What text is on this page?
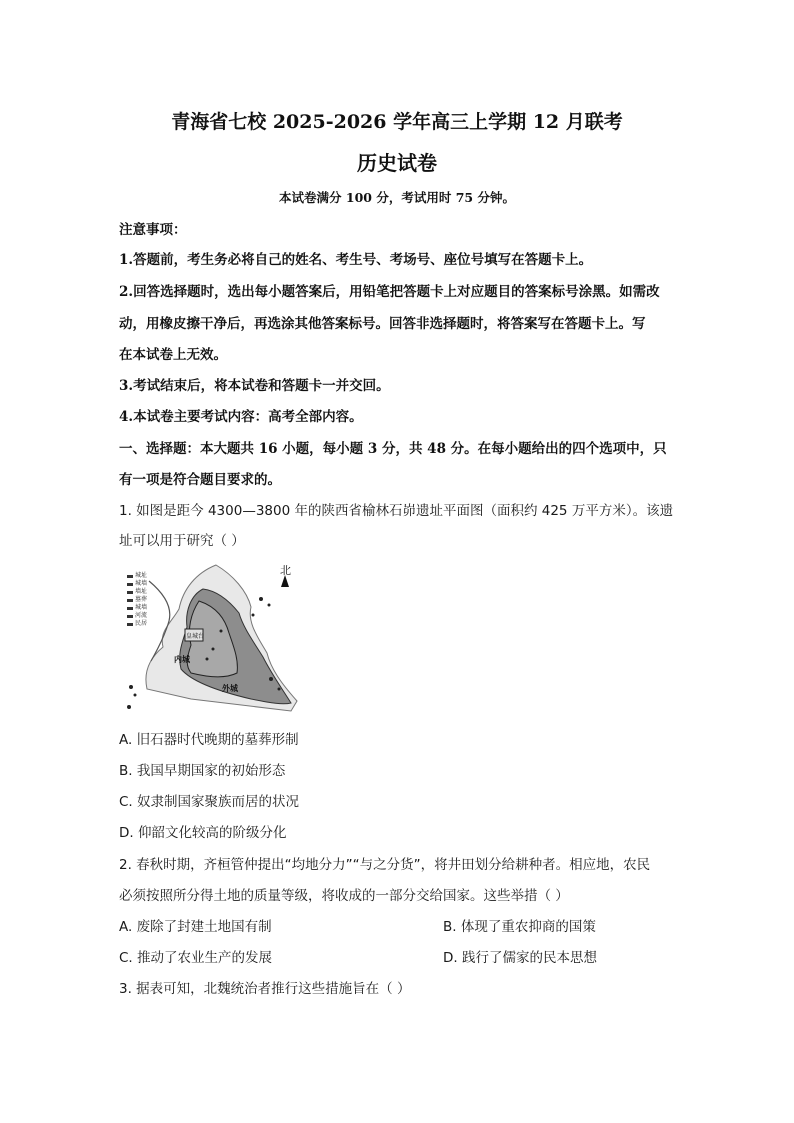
青海省七校 2025-2026 学年高三上学期 12 月联考
历史试卷
本试卷满分 100 分，考试用时 75 分钟。
注意事项：
1.答题前，考生务必将自己的姓名、考生号、考场号、座位号填写在答题卡上。
2.回答选择题时，选出每小题答案后，用铅笔把答题卡上对应题目的答案标号涂黑。如需改
动，用橡皮擦干净后，再选涂其他答案标号。回答非选择题时，将答案写在答题卡上。写
在本试卷上无效。
3.考试结束后，将本试卷和答题卡一并交回。
4.本试卷主要考试内容：高考全部内容。
一、选择题：本大题共 16 小题，每小题 3 分，共 48 分。在每小题给出的四个选项中，只
有一项是符合题目要求的。
1. 如图是距今 4300—3800 年的陕西省榆林石峁遗址平面图（面积约 425 万平方米）。该遗
址可以用于研究（ ）
北
城址
城墙
墙址
墓葬
城墙
河流
民居
皇城台
内城
外城
A. 旧石器时代晚期的墓葬形制
B. 我国早期国家的初始形态
C. 奴隶制国家聚族而居的状况
D. 仰韶文化较高的阶级分化
2. 春秋时期，齐桓管仲提出“均地分力”“与之分货”，将井田划分给耕种者。相应地，农民
必须按照所分得土地的质量等级，将收成的一部分交给国家。这些举措（ ）
A. 废除了封建土地国有制	B. 体现了重农抑商的国策
C. 推动了农业生产的发展	D. 践行了儒家的民本思想
3. 据表可知，北魏统治者推行这些措施旨在（ ）
